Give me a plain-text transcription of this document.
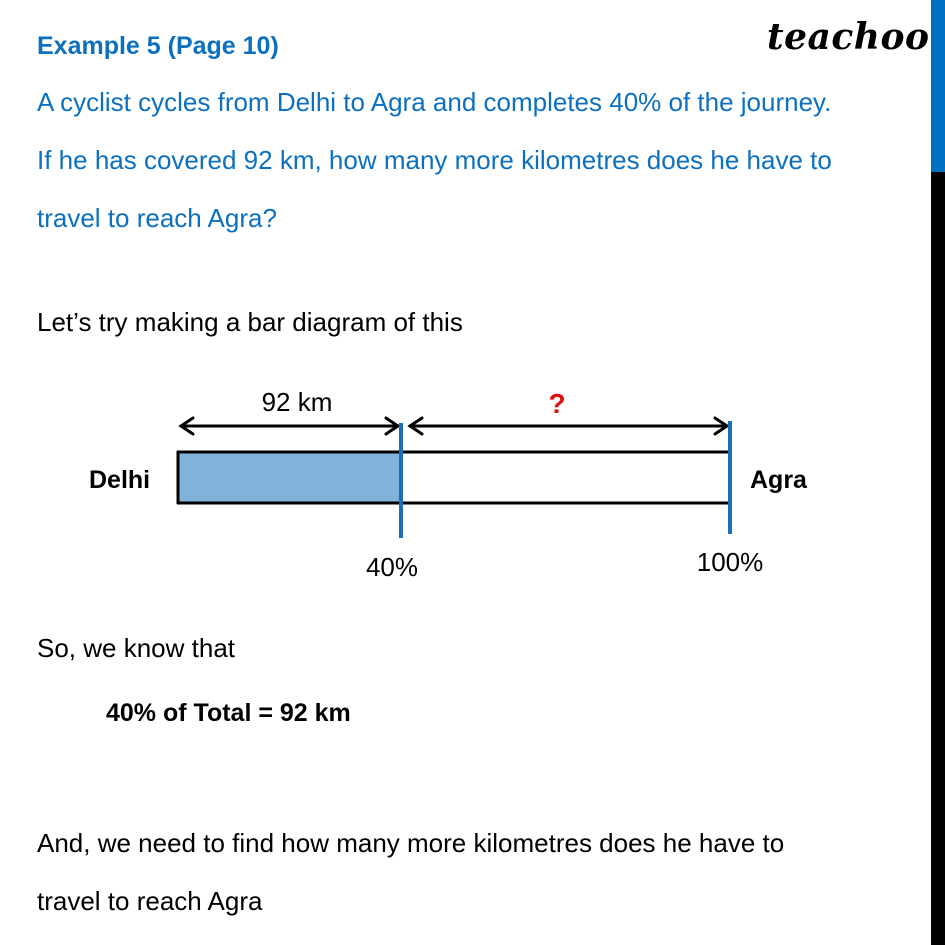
Example 5 (Page 10)	teachoo
A cyclist cycles from Delhi to Agra and completes 40% of the journey.
If he has covered 92 km, how many more kilometres does he have to
travel to reach Agra?
Let’s try making a bar diagram of this
92 km	?
Delhi	Agra
40%	100%
So, we know that
40% of Total = 92 km
And, we need to find how many more kilometres does he have to
travel to reach Agra
